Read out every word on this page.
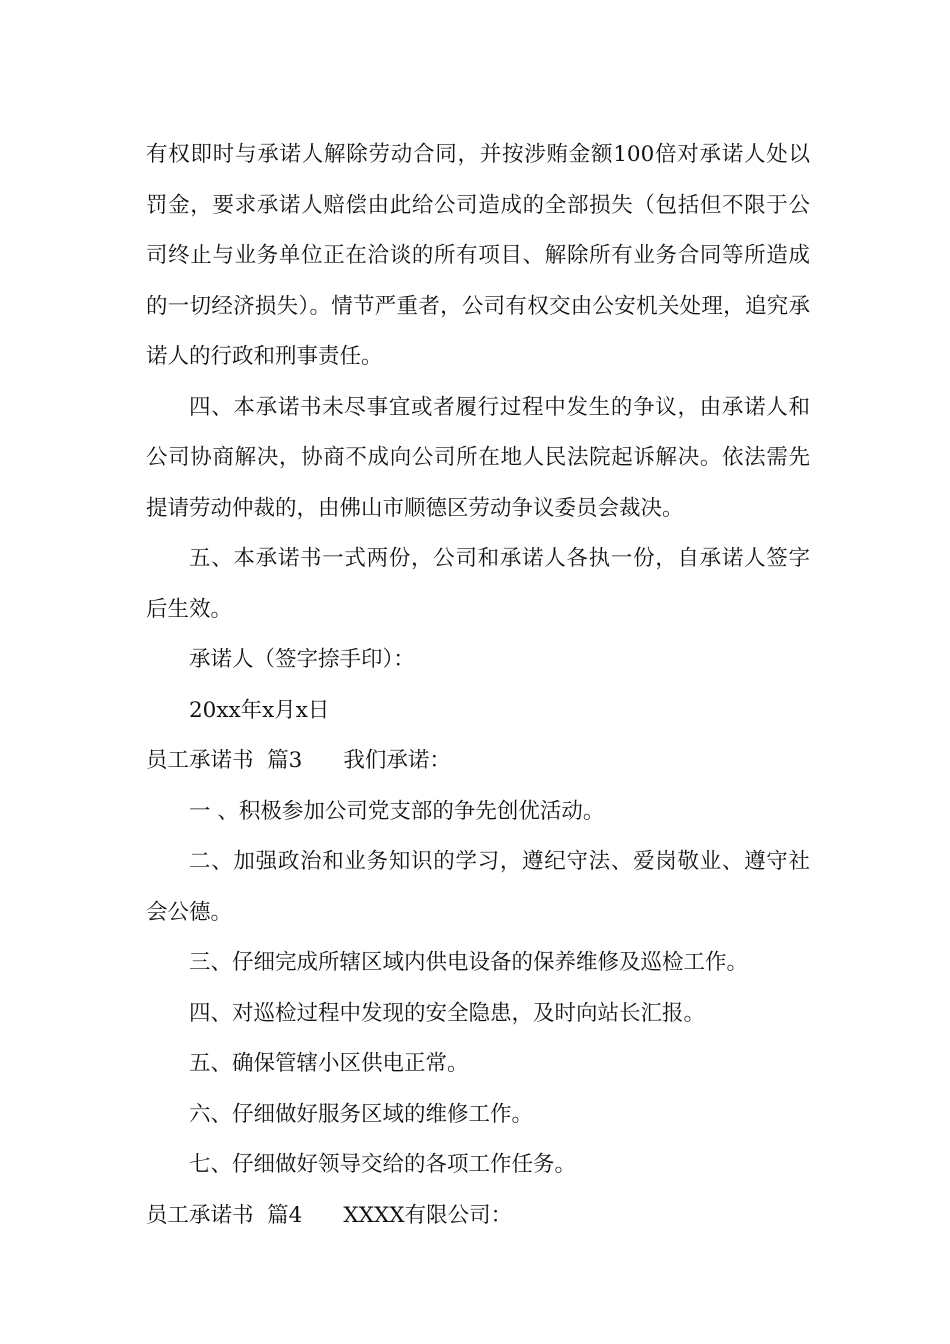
有权即时与承诺人解除劳动合同，并按涉贿金额100倍对承诺人处以罚金，要求承诺人赔偿由此给公司造成的全部损失（包括但不限于公司终止与业务单位正在洽谈的所有项目、解除所有业务合同等所造成的一切经济损失）。情节严重者，公司有权交由公安机关处理，追究承诺人的行政和刑事责任。

四、本承诺书未尽事宜或者履行过程中发生的争议，由承诺人和公司协商解决，协商不成向公司所在地人民法院起诉解决。依法需先提请劳动仲裁的，由佛山市顺德区劳动争议委员会裁决。

五、本承诺书一式两份，公司和承诺人各执一份，自承诺人签字后生效。

承诺人（签字捺手印）：

20xx年x月x日

员工承诺书  篇3      我们承诺：

一 、积极参加公司党支部的争先创优活动。

二、加强政治和业务知识的学习，遵纪守法、爱岗敬业、遵守社会公德。

三、仔细完成所辖区域内供电设备的保养维修及巡检工作。

四、对巡检过程中发现的安全隐患，及时向站长汇报。

五、确保管辖小区供电正常。

六、仔细做好服务区域的维修工作。

七、仔细做好领导交给的各项工作任务。

员工承诺书  篇4      XXXX有限公司：
